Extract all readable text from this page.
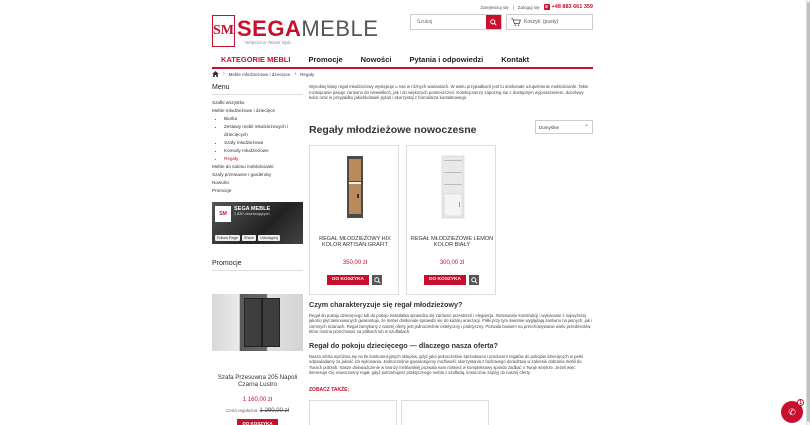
Zarejestruj się | Zaloguj się	✆ +48 883 661 359
SM SEGAMEBLE
Wnętrza w Twoim stylu
Szukaj
Koszyk: (pusty)
KATEGORIE MEBLI	Promocje	Nowości	Pytania i odpowiedzi	Kontakt
› Meble młodzieżowe i dziecięce › Regały
Menu
Szafki wszystko
Meble młodzieżowe i dziecięce
• Biurka
• Zestawy mebli młodzieżowych i dziecięcych
• Szafy młodzieżowe
• Komody młodzieżowe
• Regały
Meble do salonu meblościanki
Szafy przesuwne i garderoby
Nowości
Promocje
SM
SEGA MEBLE
1 830 obserwujących
Follow Page	Share	Udostępnij
Promocje
Szafa Przesuwna 205 Napoli Czarna Lustro
1 160,00 zł
Cena regularna: 1 290,00 zł
DO KOSZYKA
Wysokiej klasy regał młodzieżowy występuje u nas w różnych wariantach. W wielu przypadkach jest to doskonałe uzupełnienie meblościanki. Takie rozwiązanie pasuje zarówno do niewielkich, jak i do większych pomieszczeń. Kolekcjonerzy zapoznaj się z dostępnym wyposażeniem, docelowy kolor oraz w przypadku jakichkolwiek pytań i skorzystaj z formularza kontaktowego.
Regały młodzieżowe nowoczesne	Domyślne ⌄
REGAŁ MŁODZIEŻOWY HIX KOLOR ARTISAN GRAFIT
350,00 zł
DO KOSZYKA
REGAŁ MŁODZIEŻOWE LEMON KOLOR BIAŁY
300,00 zł
DO KOSZYKA
Czym charakteryzuje się regał młodzieżowy?
Regał do pokoju dziecięcego lub do pokoju nastolatka sprawdza się zarówno przestrzeń i elegancja. Stosowanie konstrukcji i wykonanie z najwyższej jakości płyt laminowanych gwarantuje, że mebel doskonale sprawdzi się do każdej aranżacji. Półki przy tym świetnie wyglądają zarówno na jasnych, jak i ciemnych ścianach. Regał zamykany z naszej oferty jest jednocześnie estetyczny i praktyczny. Pozwala bowiem na przechowywanie wielu przedmiotów, które można przechować na półkach lub w szufladach.
Regał do pokoju dziecięcego — dlaczego nasza oferta?
Nasza oferta wyróżnia się na tle konkurencyjnych sklepów, gdyż jako jednocześnie sprzedawca i producent regałów do pokojów dziecięcych w pełni odpowiadamy za jakość ich wykonania. Jednocześnie gwarantujemy możliwość skorzystania z fachowego doradztwa w zakresie dobrania mebli do Twoich potrzeb. Nasze doświadczenie w branży meblarskiej pozwala nam również w kompleksowy sposób zadbać o Twoje wnętrze. Jeżeli więc interesuje Cię nowoczesny regał, gdyż potrzebujesz praktycznego mebla z szufladą, koniecznie zajrzyj do naszej oferty.
ZOBACZ TAKŻE:
✆
1
